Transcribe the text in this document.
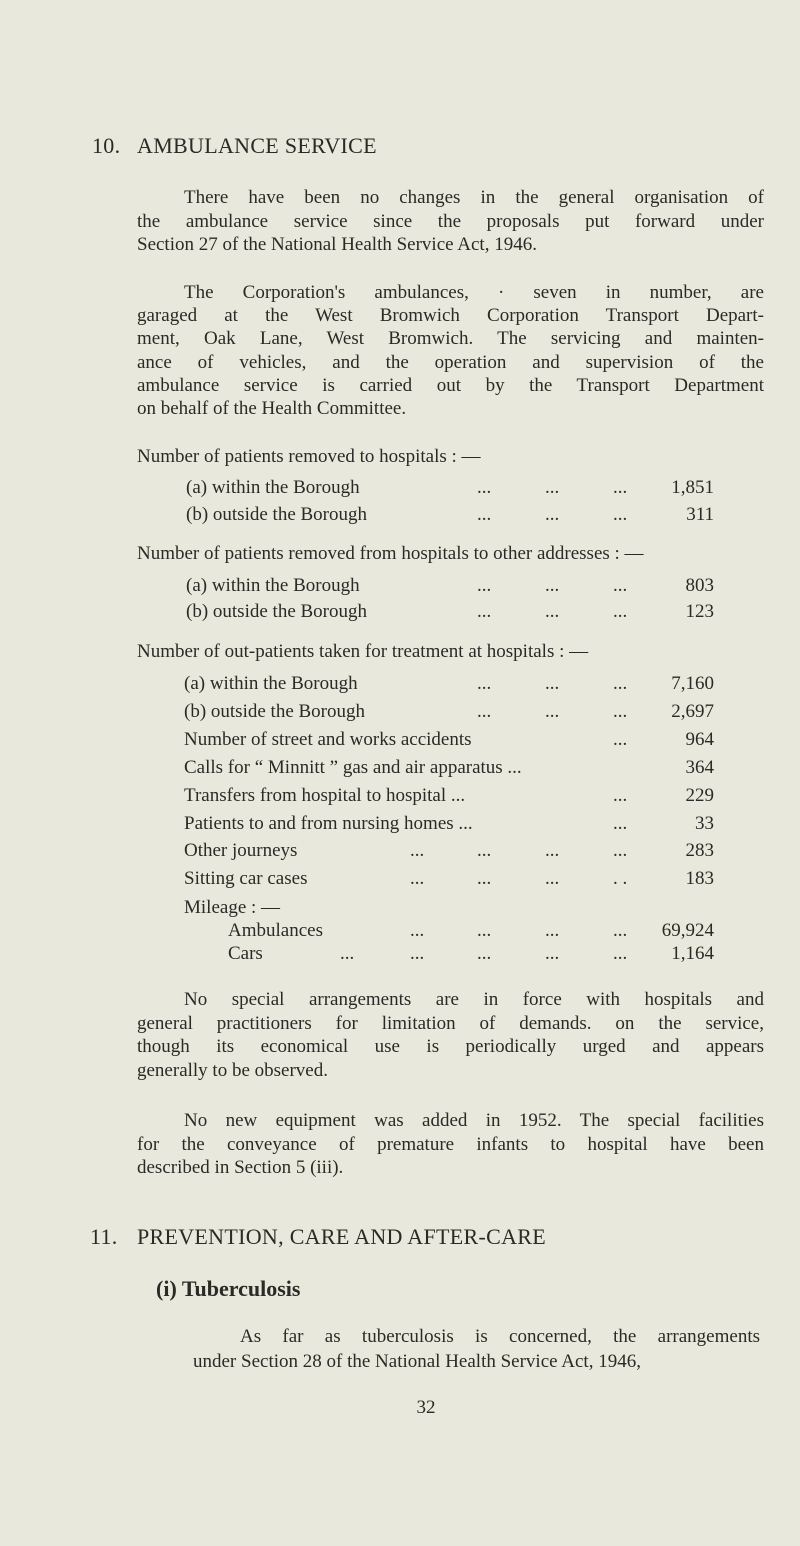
10. AMBULANCE SERVICE
There have been no changes in the general organisation of
the ambulance service since the proposals put forward under
Section 27 of the National Health Service Act, 1946.
The Corporation's ambulances, · seven in number, are
garaged at the West Bromwich Corporation Transport Depart-
ment, Oak Lane, West Bromwich. The servicing and mainten-
ance of vehicles, and the operation and supervision of the
ambulance service is carried out by the Transport Department
on behalf of the Health Committee.
Number of patients removed to hospitals : —
(a) within the Borough	...	...	...	1,851
(b) outside the Borough	...	...	...	311
Number of patients removed from hospitals to other addresses : —
(a) within the Borough	...	...	...	803
(b) outside the Borough	...	...	...	123
Number of out-patients taken for treatment at hospitals : —
(a) within the Borough	...	...	...	7,160
(b) outside the Borough	...	...	...	2,697
Number of street and works accidents	...	964
Calls for “ Minnitt ” gas and air apparatus ...	364
Transfers from hospital to hospital ...	...	229
Patients to and from nursing homes ...	...	33
Other journeys	...	...	...	...	283
Sitting car cases	...	...	...	. .	183
Mileage : —
Ambulances	...	...	...	...	69,924
Cars	...	...	...	...	...	1,164
No special arrangements are in force with hospitals and
general practitioners for limitation of demands. on the service,
though its economical use is periodically urged and appears
generally to be observed.
No new equipment was added in 1952. The special facilities
for the conveyance of premature infants to hospital have been
described in Section 5 (iii).
11. PREVENTION, CARE AND AFTER-CARE
(i) Tuberculosis
As far as tuberculosis is concerned, the arrangements
under Section 28 of the National Health Service Act, 1946,
32
